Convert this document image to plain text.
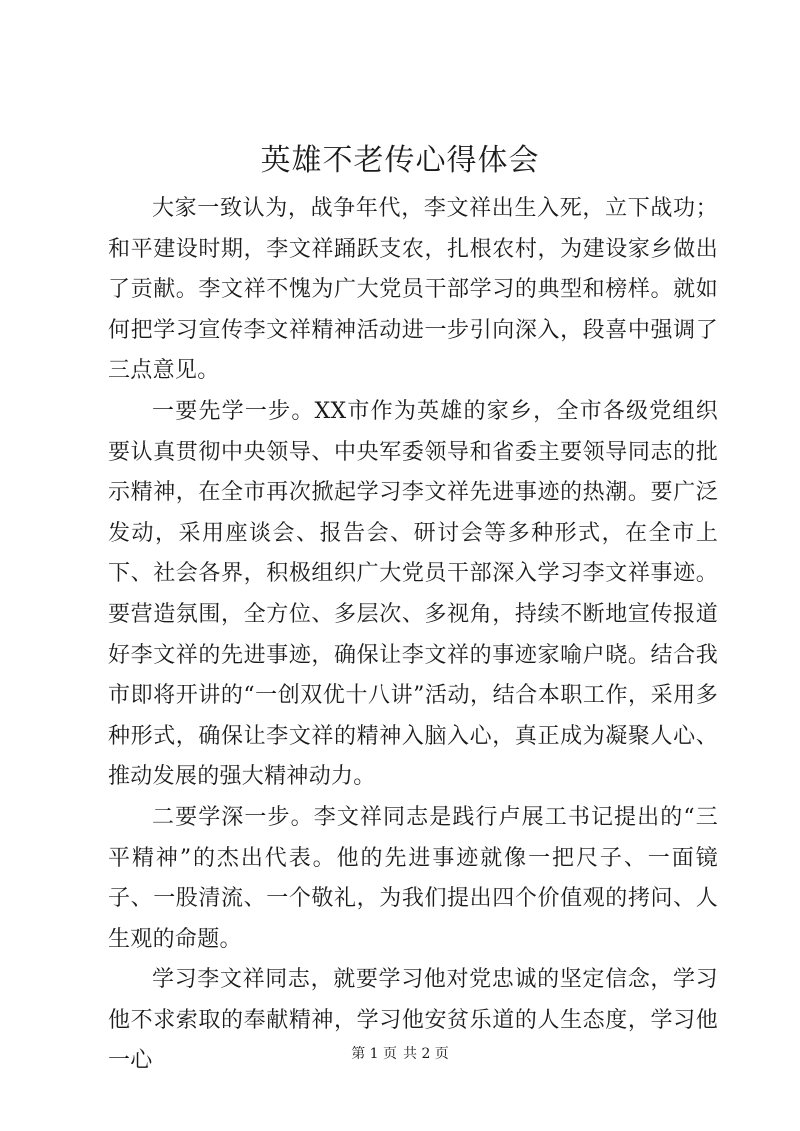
英雄不老传心得体会

大家一致认为，战争年代，李文祥出生入死，立下战功；和平建设时期，李文祥踊跃支农，扎根农村，为建设家乡做出了贡献。李文祥不愧为广大党员干部学习的典型和榜样。就如何把学习宣传李文祥精神活动进一步引向深入，段喜中强调了三点意见。

一要先学一步。XX市作为英雄的家乡，全市各级党组织要认真贯彻中央领导、中央军委领导和省委主要领导同志的批示精神，在全市再次掀起学习李文祥先进事迹的热潮。要广泛发动，采用座谈会、报告会、研讨会等多种形式，在全市上下、社会各界，积极组织广大党员干部深入学习李文祥事迹。要营造氛围，全方位、多层次、多视角，持续不断地宣传报道好李文祥的先进事迹，确保让李文祥的事迹家喻户晓。结合我市即将开讲的“一创双优十八讲”活动，结合本职工作，采用多种形式，确保让李文祥的精神入脑入心，真正成为凝聚人心、推动发展的强大精神动力。

二要学深一步。李文祥同志是践行卢展工书记提出的“三平精神”的杰出代表。他的先进事迹就像一把尺子、一面镜子、一股清流、一个敬礼，为我们提出四个价值观的拷问、人生观的命题。

学习李文祥同志，就要学习他对党忠诚的坚定信念，学习他不求索取的奉献精神，学习他安贫乐道的人生态度，学习他一心	第 1 页 共 2 页
